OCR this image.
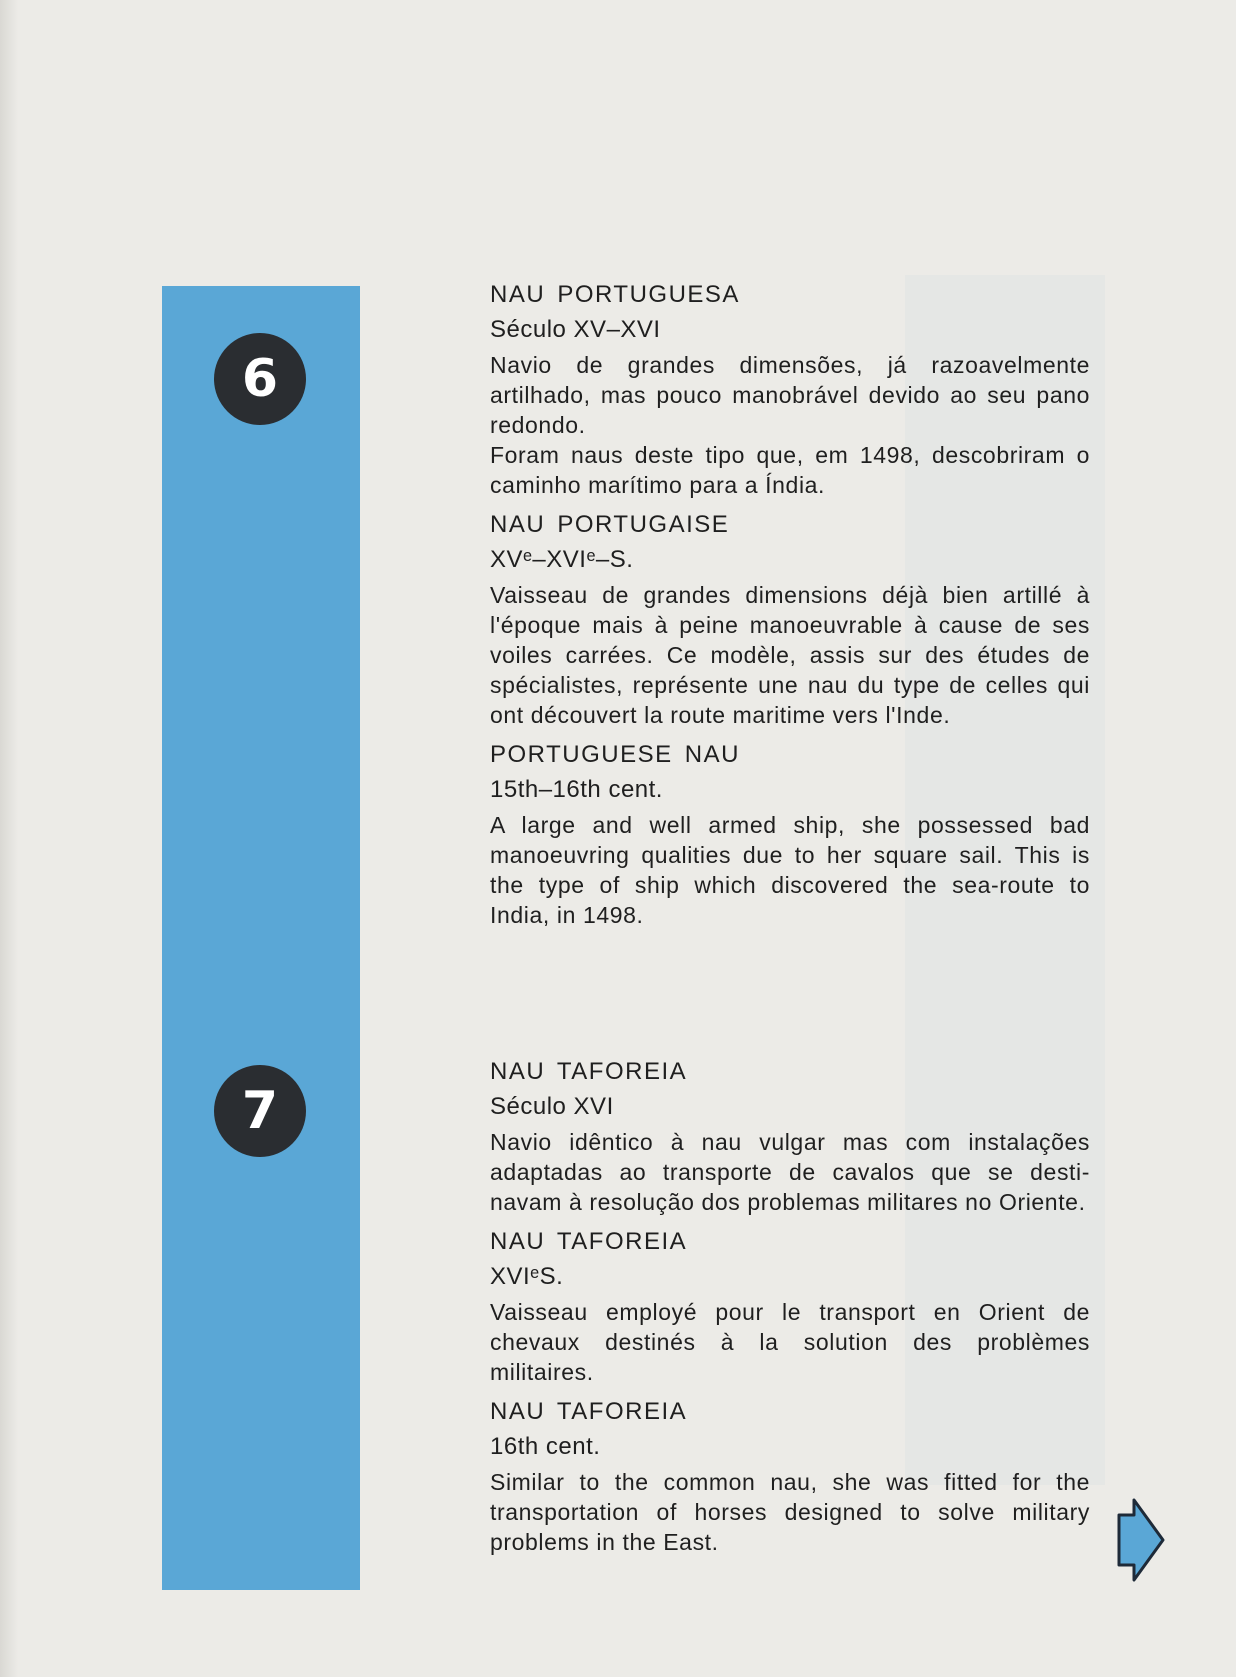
6
7
NAU PORTUGUESA
Século XV–XVI

Navio de grandes dimensões, já razoavelmente artilhado, mas pouco manobrável devido ao seu pano redondo.

Foram naus deste tipo que, em 1498, descobriram o caminho marítimo para a Índia.

NAU PORTUGAISE
XVᵉ–XVIᵉ–S.

Vaisseau de grandes dimensions déjà bien artillé à l'époque mais à peine manoeuvrable à cause de ses voiles carrées. Ce modèle, assis sur des études de spécialistes, représente une nau du type de celles qui ont découvert la route maritime vers l'Inde.

PORTUGUESE NAU
15th–16th cent.

A large and well armed ship, she possessed bad manoeuvring qualities due to her square sail. This is the type of ship which discovered the sea-route to India, in 1498.

NAU TAFOREIA
Século XVI

Navio idêntico à nau vulgar mas com instalações adaptadas ao transporte de cavalos que se desti- navam à resolução dos problemas militares no Oriente.

NAU TAFOREIA
XVIᵉS.

Vaisseau employé pour le transport en Orient de chevaux destinés à la solution des problèmes militaires.

NAU TAFOREIA
16th cent.

Similar to the common nau, she was fitted for the transportation of horses designed to solve military problems in the East.
